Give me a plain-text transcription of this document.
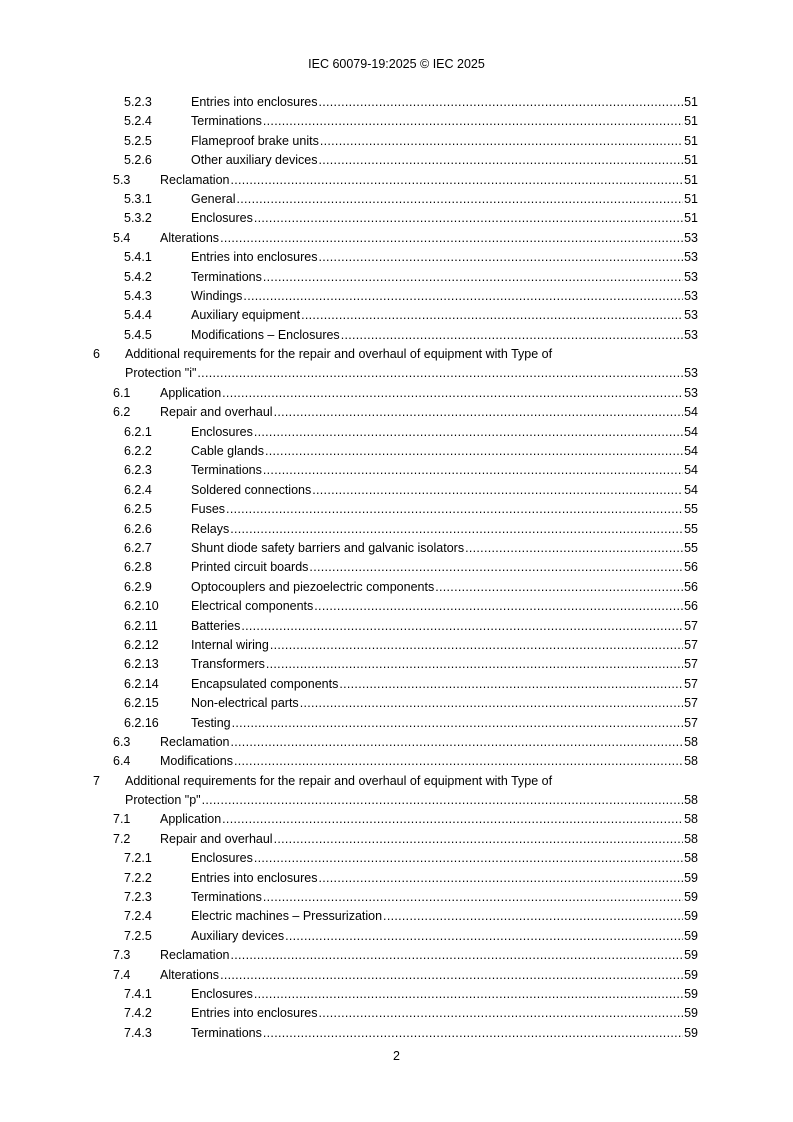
IEC 60079-19:2025 © IEC 2025
5.2.3	Entries into enclosures .....	51
5.2.4	Terminations .....	51
5.2.5	Flameproof brake units .....	51
5.2.6	Other auxiliary devices .....	51
5.3 Reclamation .....	51
5.3.1	General .....	51
5.3.2	Enclosures .....	51
5.4 Alterations .....	53
5.4.1	Entries into enclosures .....	53
5.4.2	Terminations .....	53
5.4.3	Windings .....	53
5.4.4	Auxiliary equipment .....	53
5.4.5	Modifications – Enclosures .....	53
6 Additional requirements for the repair and overhaul of equipment with Type of
Protection "i" .....	53
6.1 Application .....	53
6.2 Repair and overhaul .....	54
6.2.1	Enclosures .....	54
6.2.2	Cable glands .....	54
6.2.3	Terminations .....	54
6.2.4	Soldered connections .....	54
6.2.5	Fuses .....	55
6.2.6	Relays .....	55
6.2.7	Shunt diode safety barriers and galvanic isolators .....	55
6.2.8	Printed circuit boards .....	56
6.2.9	Optocouplers and piezoelectric components .....	56
6.2.10	Electrical components .....	56
6.2.11	Batteries .....	57
6.2.12	Internal wiring .....	57
6.2.13	Transformers .....	57
6.2.14	Encapsulated components .....	57
6.2.15	Non-electrical parts .....	57
6.2.16	Testing .....	57
6.3 Reclamation .....	58
6.4 Modifications .....	58
7 Additional requirements for the repair and overhaul of equipment with Type of
Protection "p" .....	58
7.1 Application .....	58
7.2 Repair and overhaul .....	58
7.2.1	Enclosures .....	58
7.2.2	Entries into enclosures .....	59
7.2.3	Terminations .....	59
7.2.4	Electric machines – Pressurization .....	59
7.2.5	Auxiliary devices .....	59
7.3 Reclamation .....	59
7.4 Alterations .....	59
7.4.1	Enclosures .....	59
7.4.2	Entries into enclosures .....	59
7.4.3	Terminations .....	59
2
